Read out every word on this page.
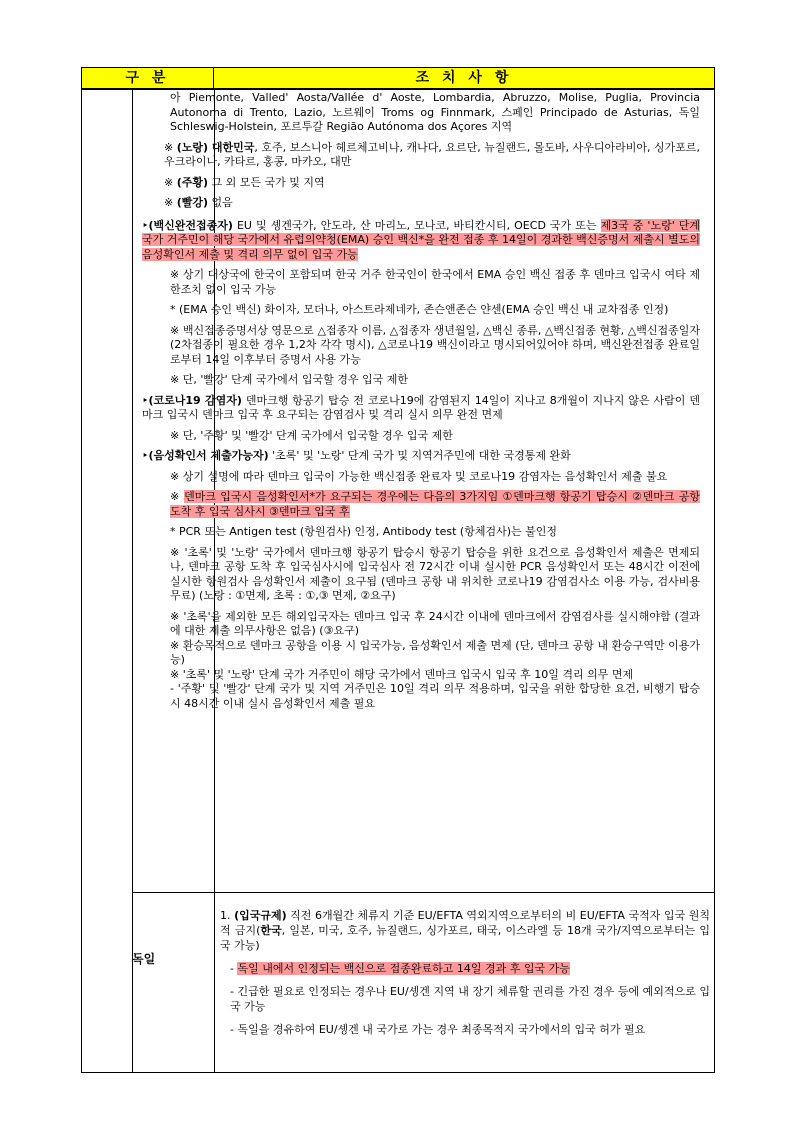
구 분	조 치 사 항

아 Piemonte, Valled' Aosta/Vallée d' Aoste, Lombardia, Abruzzo, Molise, Puglia, Provincia Autonoma di Trento, Lazio, 노르웨이 Troms og Finnmark, 스페인 Principado de Asturias, 독일 Schleswig-Holstein, 포르투갈 Região Autónoma dos Açores 지역

※ (노랑) 대한민국, 호주, 보스니아 헤르체고비나, 캐나다, 요르단, 뉴질랜드, 몰도바, 사우디아라비아, 싱가포르, 우크라이나, 카타르, 홍콩, 마카오, 대만

※ (주황) 그 외 모든 국가 및 지역

※ (빨강) 없음

‣(백신완전접종자) EU 및 솅겐국가, 안도라, 산 마리노, 모나코, 바티칸시티, OECD 국가 또는 제3국 중 '노랑' 단계 국가 거주민이 해당 국가에서 유럽의약청(EMA) 승인 백신*을 완전 접종 후 14일이 경과한 백신증명서 제출시 별도의 음성확인서 제출 및 격리 의무 없이 입국 가능

※ 상기 대상국에 한국이 포함되며 한국 거주 한국인이 한국에서 EMA 승인 백신 접종 후 덴마크 입국시 여타 제한조치 없이 입국 가능

* (EMA 승인 백신) 화이자, 모더나, 아스트라제네카, 존슨앤존슨 얀센(EMA 승인 백신 내 교차접종 인정)

※ 백신접종증명서상 영문으로 △접종자 이름, △접종자 생년월일, △백신 종류, △백신접종 현황, △백신접종일자 (2차접종이 필요한 경우 1,2차 각각 명시), △코로나19 백신이라고 명시되어있어야 하며, 백신완전접종 완료일로부터 14일 이후부터 증명서 사용 가능

※ 단, '빨강' 단계 국가에서 입국할 경우 입국 제한

‣(코로나19 감염자) 덴마크행 항공기 탑승 전 코로나19에 감염된지 14일이 지나고 8개월이 지나지 않은 사람이 덴마크 입국시 덴마크 입국 후 요구되는 감염검사 및 격리 실시 의무 완전 면제

※ 단, '주황' 및 '빨강' 단계 국가에서 입국할 경우 입국 제한

‣(음성확인서 제출가능자) '초록' 및 '노랑' 단계 국가 및 지역거주민에 대한 국경통제 완화

※ 상기 설명에 따라 덴마크 입국이 가능한 백신접종 완료자 및 코로나19 감염자는 음성확인서 제출 불요

※ 덴마크 입국시 음성확인서*가 요구되는 경우에는 다음의 3가지임 ①덴마크행 항공기 탑승시 ②덴마크 공항 도착 후 입국 심사시 ③덴마크 입국 후

* PCR 또는 Antigen test (항원검사) 인정, Antibody test (항체검사)는 불인정

※ '초록' 및 '노랑' 국가에서 덴마크행 항공기 탑승시 항공기 탑승을 위한 요건으로 음성확인서 제출은 면제되나, 덴마크 공항 도착 후 입국심사시에 입국심사 전 72시간 이내 실시한 PCR 음성확인서 또는 48시간 이전에 실시한 항원검사 음성확인서 제출이 요구됨 (덴마크 공항 내 위치한 코로나19 감염검사소 이용 가능, 검사비용 무료) (노랑 : ①면제, 초록 : ①,③ 면제, ②요구)

※ '초록'을 제외한 모든 해외입국자는 덴마크 입국 후 24시간 이내에 덴마크에서 감염검사를 실시해야함 (결과에 대한 제출 의무사항은 없음) (③요구)

※ 환승목적으로 덴마크 공항을 이용 시 입국가능, 음성확인서 제출 면제 (단, 덴마크 공항 내 환승구역만 이용가능)

※ '초록' 및 '노랑' 단계 국가 거주민이 해당 국가에서 덴마크 입국시 입국 후 10일 격리 의무 면제

- '주황' 및 '빨강' 단계 국가 및 지역 거주민은 10일 격리 의무 적용하며, 입국을 위한 합당한 요건, 비행기 탑승시 48시간 이내 실시 음성확인서 제출 필요

독일

1. (입국규제) 직전 6개월간 체류지 기준 EU/EFTA 역외지역으로부터의 비 EU/EFTA 국적자 입국 원칙적 금지(한국, 일본, 미국, 호주, 뉴질랜드, 싱가포르, 태국, 이스라엘 등 18개 국가/지역으로부터는 입국 가능)

- 독일 내에서 인정되는 백신으로 접종완료하고 14일 경과 후 입국 가능

- 긴급한 필요로 인정되는 경우나 EU/솅겐 지역 내 장기 체류할 권리를 가진 경우 등에 예외적으로 입국 가능

- 독일을 경유하여 EU/솅겐 내 국가로 가는 경우 최종목적지 국가에서의 입국 허가 필요
